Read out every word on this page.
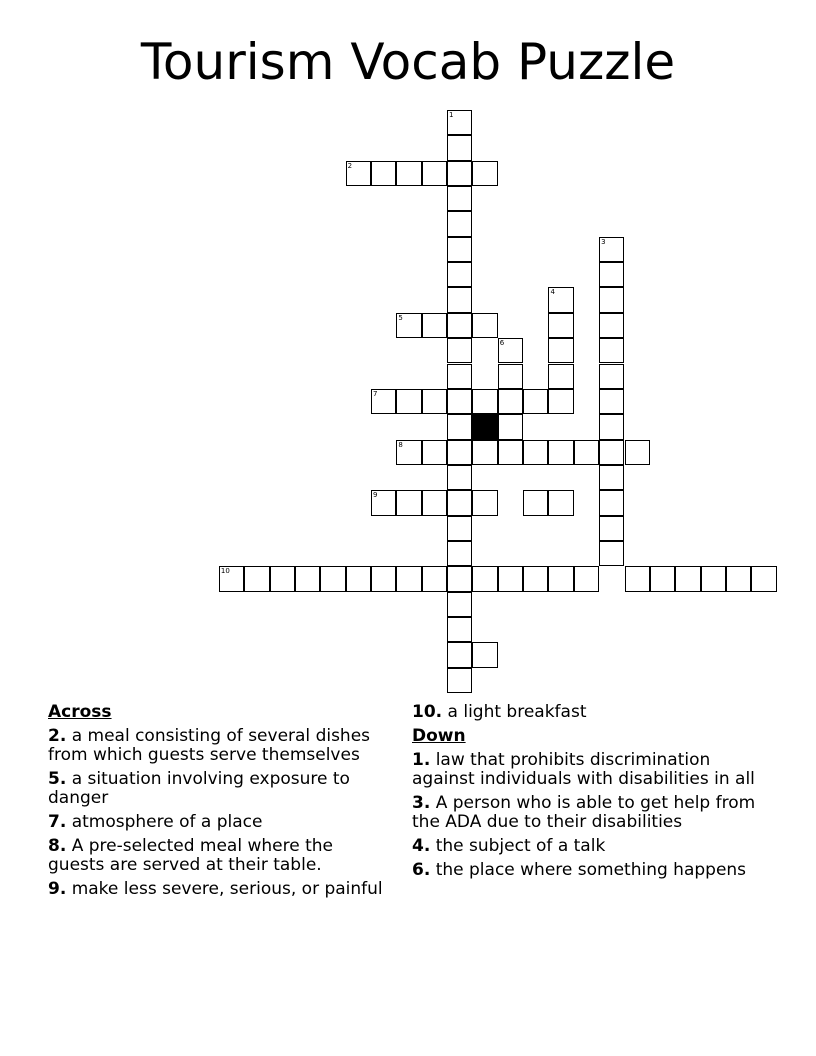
Tourism Vocab Puzzle
1
2
3
4
5
6
7
8
9
10
Across
2. a meal consisting of several dishes from which guests serve themselves
5. a situation involving exposure to danger
7. atmosphere of a place
8. A pre-selected meal where the guests are served at their table.
9. make less severe, serious, or painful
10. a light breakfast
Down
1. law that prohibits discrimination against individuals with disabilities in all
3. A person who is able to get help from the ADA due to their disabilities
4. the subject of a talk
6. the place where something happens
